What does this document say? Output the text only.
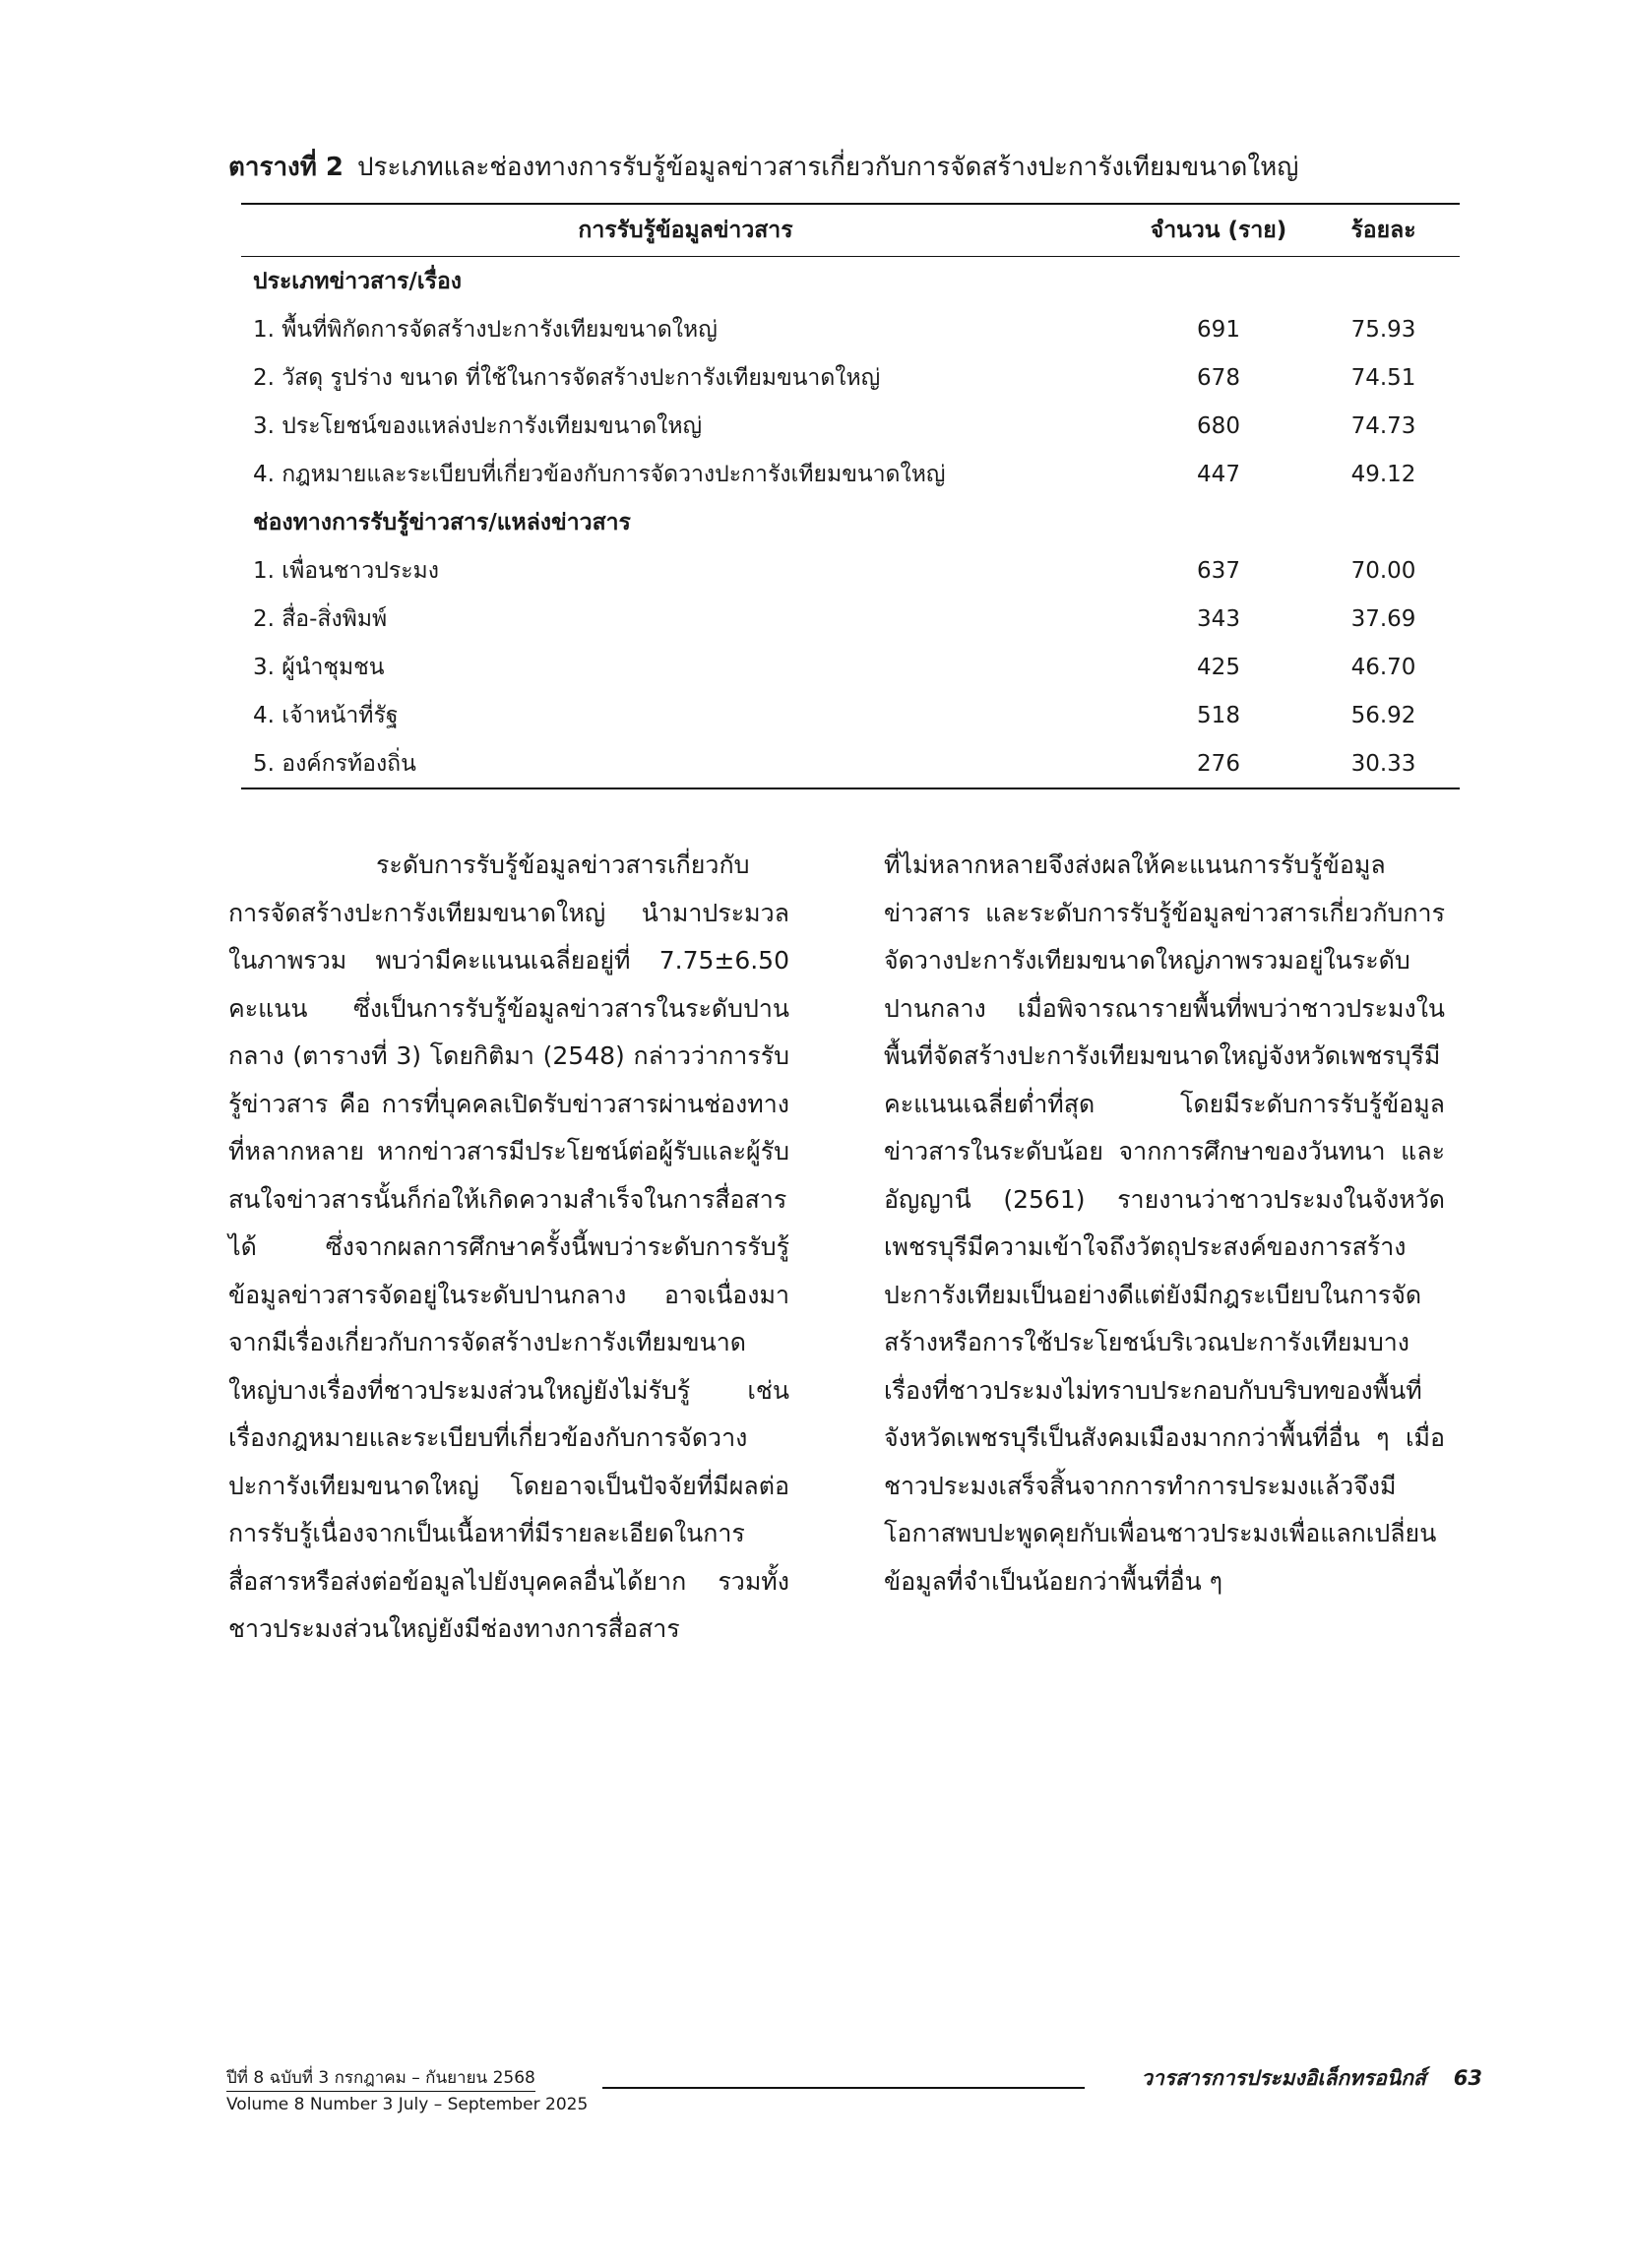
ตารางที่ 2 ประเภทและช่องทางการรับรู้ข้อมูลข่าวสารเกี่ยวกับการจัดสร้างปะการังเทียมขนาดใหญ่
การรับรู้ข้อมูลข่าวสาร	จำนวน (ราย)	ร้อยละ
ประเภทข่าวสาร/เรื่อง		
1. พื้นที่พิกัดการจัดสร้างปะการังเทียมขนาดใหญ่	691	75.93
2. วัสดุ รูปร่าง ขนาด ที่ใช้ในการจัดสร้างปะการังเทียมขนาดใหญ่	678	74.51
3. ประโยชน์ของแหล่งปะการังเทียมขนาดใหญ่	680	74.73
4. กฎหมายและระเบียบที่เกี่ยวข้องกับการจัดวางปะการังเทียมขนาดใหญ่	447	49.12
ช่องทางการรับรู้ข่าวสาร/แหล่งข่าวสาร		
1. เพื่อนชาวประมง	637	70.00
2. สื่อ-สิ่งพิมพ์	343	37.69
3. ผู้นำชุมชน	425	46.70
4. เจ้าหน้าที่รัฐ	518	56.92
5. องค์กรท้องถิ่น	276	30.33

ระดับการรับรู้ข้อมูลข่าวสารเกี่ยวกับการจัดสร้างปะการังเทียมขนาดใหญ่ นำมาประมวลในภาพรวม พบว่ามีคะแนนเฉลี่ยอยู่ที่ 7.75±6.50 คะแนน ซึ่งเป็นการรับรู้ข้อมูลข่าวสารในระดับปานกลาง (ตารางที่ 3) โดยกิติมา (2548) กล่าวว่าการรับรู้ข่าวสาร คือ การที่บุคคลเปิดรับข่าวสารผ่านช่องทางที่หลากหลาย หากข่าวสารมีประโยชน์ต่อผู้รับและผู้รับสนใจข่าวสารนั้นก็ก่อให้เกิดความสำเร็จในการสื่อสารได้ ซึ่งจากผลการศึกษาครั้งนี้พบว่าระดับการรับรู้ข้อมูลข่าวสารจัดอยู่ในระดับปานกลาง อาจเนื่องมาจากมีเรื่องเกี่ยวกับการจัดสร้างปะการังเทียมขนาดใหญ่บางเรื่องที่ชาวประมงส่วนใหญ่ยังไม่รับรู้ เช่น เรื่องกฎหมายและระเบียบที่เกี่ยวข้องกับการจัดวางปะการังเทียมขนาดใหญ่ โดยอาจเป็นปัจจัยที่มีผลต่อการรับรู้เนื่องจากเป็นเนื้อหาที่มีรายละเอียดในการสื่อสารหรือส่งต่อข้อมูลไปยังบุคคลอื่นได้ยาก รวมทั้งชาวประมงส่วนใหญ่ยังมีช่องทางการสื่อสาร

ที่ไม่หลากหลายจึงส่งผลให้คะแนนการรับรู้ข้อมูลข่าวสาร และระดับการรับรู้ข้อมูลข่าวสารเกี่ยวกับการจัดวางปะการังเทียมขนาดใหญ่ภาพรวมอยู่ในระดับปานกลาง เมื่อพิจารณารายพื้นที่พบว่าชาวประมงในพื้นที่จัดสร้างปะการังเทียมขนาดใหญ่จังหวัดเพชรบุรีมีคะแนนเฉลี่ยต่ำที่สุด โดยมีระดับการรับรู้ข้อมูลข่าวสารในระดับน้อย จากการศึกษาของวันทนา และอัญญานี (2561) รายงานว่าชาวประมงในจังหวัดเพชรบุรีมีความเข้าใจถึงวัตถุประสงค์ของการสร้างปะการังเทียมเป็นอย่างดีแต่ยังมีกฎระเบียบในการจัดสร้างหรือการใช้ประโยชน์บริเวณปะการังเทียมบางเรื่องที่ชาวประมงไม่ทราบประกอบกับบริบทของพื้นที่จังหวัดเพชรบุรีเป็นสังคมเมืองมากกว่าพื้นที่อื่น ๆ เมื่อชาวประมงเสร็จสิ้นจากการทำการประมงแล้วจึงมีโอกาสพบปะพูดคุยกับเพื่อนชาวประมงเพื่อแลกเปลี่ยนข้อมูลที่จำเป็นน้อยกว่าพื้นที่อื่น ๆ

ปีที่ 8 ฉบับที่ 3 กรกฎาคม – กันยายน 2568
Volume 8 Number 3 July – September 2025
วารสารการประมงอิเล็กทรอนิกส์ 63
